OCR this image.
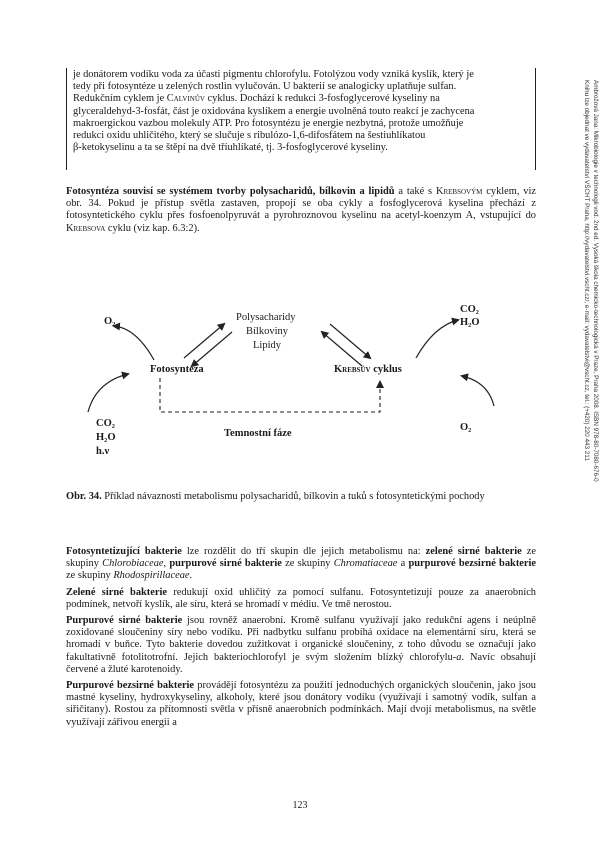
je donátorem vodíku voda za účasti pigmentu chlorofylu. Fotolýzou vody vzniká kyslík, který je

tedy při fotosyntéze u zelených rostlin vylučován. U bakterií se analogicky uplatňuje sulfan.

Redukčním cyklem je Calvinův cyklus. Dochází k redukci 3-fosfoglycerové kyseliny na

glyceraldehyd-3-fosfát, část je oxidována kyslíkem a energie uvolněná touto reakcí je zachycena

makroergickou vazbou molekuly ATP. Pro fotosyntézu je energie nezbytná, protože umožňuje

redukci oxidu uhličitého, který se slučuje s ribulózo-1,6-difosfátem na šestiuhlíkatou

β-ketokyselinu a ta se štěpí na dvě tříuhlíkaté, tj. 3-fosfoglycerové kyseliny.

Fotosyntéza souvisí se systémem tvorby polysacharidů, bílkovin a lipidů a také s Krebsovým cyklem, viz obr. 34. Pokud je přístup světla zastaven, propojí se oba cykly a fosfoglycerová kyselina přechází z fotosyntetického cyklu přes fosfoenolpyruvát a pyrohroznovou kyselinu na acetyl-koenzym A, vstupující do Krebsova cyklu (viz kap. 6.3:2).

O₂	Polysacharidy
Bílkoviny
Lipidy
CO₂
H₂O
Fotosyntéza	Krebsův cyklus
CO₂
H₂O
h.ν
Temnostní fáze
O₂

Obr. 34. Příklad návaznosti metabolismu polysacharidů, bílkovin a tuků s fotosyntetickými pochody

Fotosyntetizující bakterie lze rozdělit do tří skupin dle jejich metabolismu na: zelené sirné bakterie ze skupiny Chlorobiaceae, purpurové sirné bakterie ze skupiny Chromatiaceae a purpurové bezsirné bakterie ze skupiny Rhodospirillaceae.

Zelené sirné bakterie redukují oxid uhličitý za pomocí sulfanu. Fotosyntetizují pouze za anaerobních podmínek, netvoří kyslík, ale síru, která se hromadí v médiu. Ve tmě nerostou.

Purpurové sirné bakterie jsou rovněž anaerobní. Kromě sulfanu využívají jako redukční agens i neúplně zoxidované sloučeniny síry nebo vodíku. Při nadbytku sulfanu probíhá oxidace na elementární síru, která se hromadí v buňce. Tyto bakterie dovedou zužitkovat i organické sloučeniny, z toho důvodu se označují jako fakultativně fotolitotrofní. Jejich bakteriochlorofyl je svým složením blízký chlorofylu-a. Navíc obsahují červené a žluté karotenoidy.

Purpurové bezsirné bakterie provádějí fotosyntézu za použití jednoduchých organických sloučenin, jako jsou mastné kyseliny, hydroxykyseliny, alkoholy, které jsou donátory vodíku (využívají i samotný vodík, sulfan a siřičitany). Rostou za přítomnosti světla v přísně anaerobních podmínkách. Mají dvojí metabolismus, na světle využívají zářivou energii a

123
Ambrožová Jana: Mikrobiologie v technologii vod. 2nd ed. Vysoká škola chemicko-technologická v Praze, Praha 2008. ISBN 978-80-7080-676-0
Knihu lze objednat ve vydavatelství VŠCHT Praha, http://vydavatelstvi.vscht.cz/, e-mail: vydavatelstvi@vscht.cz, tel.: (+420) 220 443 211
